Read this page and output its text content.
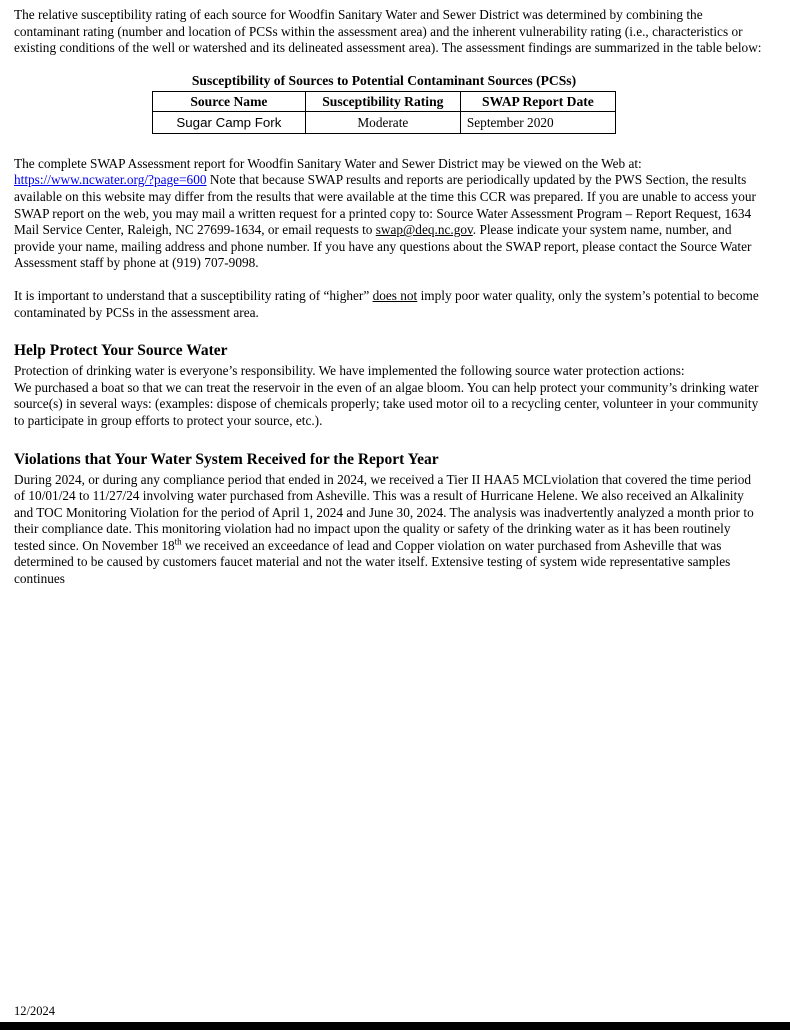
The relative susceptibility rating of each source for Woodfin Sanitary Water and Sewer District was determined by combining the contaminant rating (number and location of PCSs within the assessment area) and the inherent vulnerability rating (i.e., characteristics or existing conditions of the well or watershed and its delineated assessment area). The assessment findings are summarized in the table below:

Susceptibility of Sources to Potential Contaminant Sources (PCSs)
Source Name	Susceptibility Rating	SWAP Report Date
Sugar Camp Fork	Moderate	September 2020

The complete SWAP Assessment report for Woodfin Sanitary Water and Sewer District may be viewed on the Web at: https://www.ncwater.org/?page=600 Note that because SWAP results and reports are periodically updated by the PWS Section, the results available on this website may differ from the results that were available at the time this CCR was prepared. If you are unable to access your SWAP report on the web, you may mail a written request for a printed copy to: Source Water Assessment Program – Report Request, 1634 Mail Service Center, Raleigh, NC 27699-1634, or email requests to swap@deq.nc.gov. Please indicate your system name, number, and provide your name, mailing address and phone number. If you have any questions about the SWAP report, please contact the Source Water Assessment staff by phone at (919) 707-9098.

It is important to understand that a susceptibility rating of “higher” does not imply poor water quality, only the system’s potential to become contaminated by PCSs in the assessment area.

Help Protect Your Source Water

Protection of drinking water is everyone’s responsibility. We have implemented the following source water protection actions:
We purchased a boat so that we can treat the reservoir in the even of an algae bloom. You can help protect your community’s drinking water source(s) in several ways: (examples: dispose of chemicals properly; take used motor oil to a recycling center, volunteer in your community to participate in group efforts to protect your source, etc.).

Violations that Your Water System Received for the Report Year

During 2024, or during any compliance period that ended in 2024, we received a Tier II HAA5 MCLviolation that covered the time period of 10/01/24 to 11/27/24 involving water purchased from Asheville. This was a result of Hurricane Helene. We also received an Alkalinity and TOC Monitoring Violation for the period of April 1, 2024 and June 30, 2024. The analysis was inadvertently analyzed a month prior to their compliance date. This monitoring violation had no impact upon the quality or safety of the drinking water as it has been routinely tested since. On November 18th we received an exceedance of lead and Copper violation on water purchased from Asheville that was determined to be caused by customers faucet material and not the water itself. Extensive testing of system wide representative samples continues

12/2024
